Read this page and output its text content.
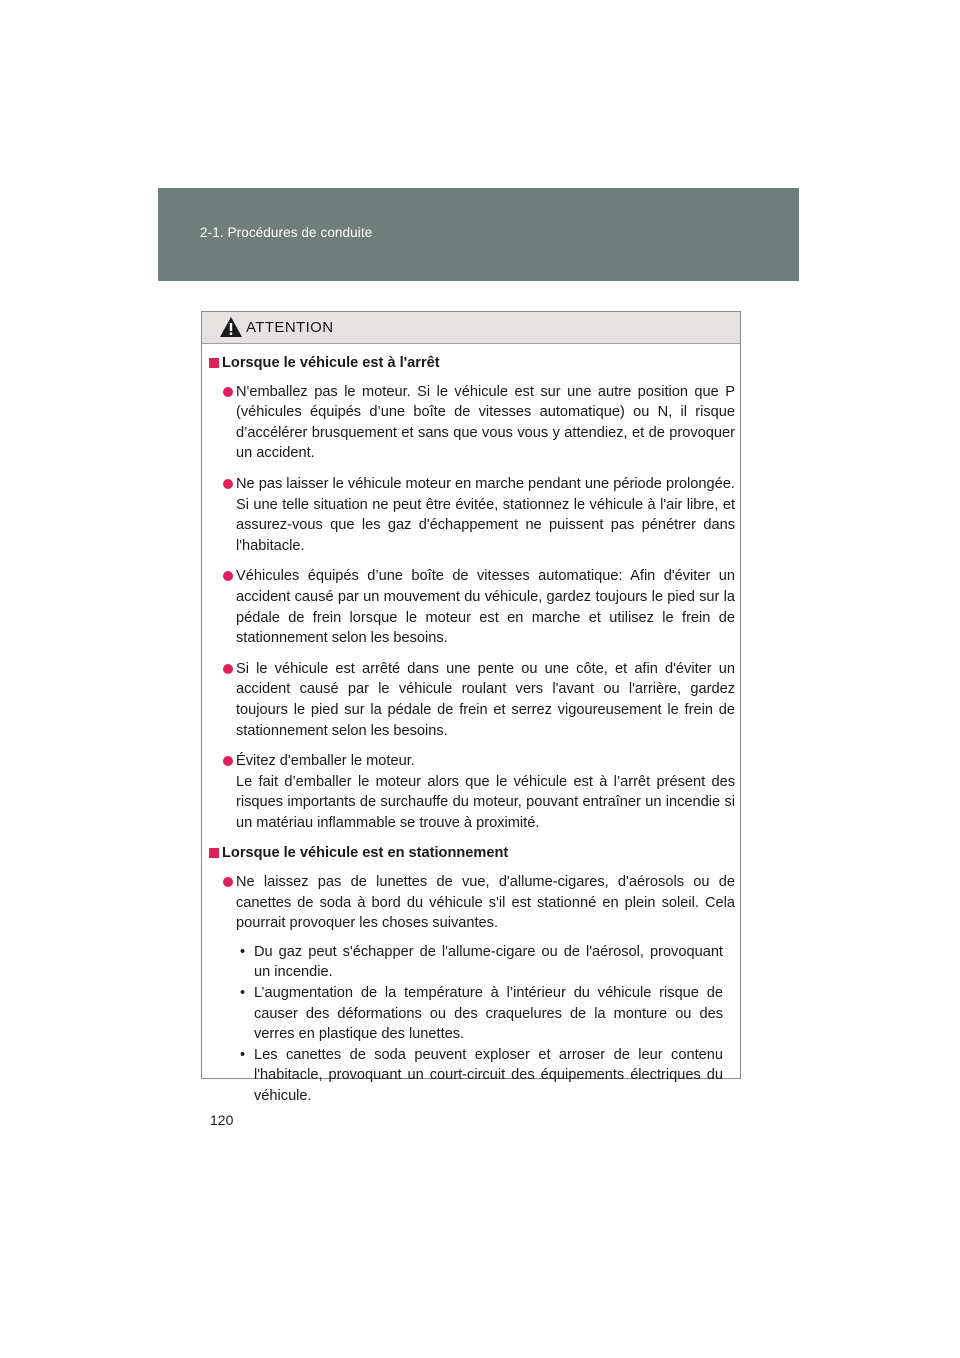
2-1. Procédures de conduite
ATTENTION
Lorsque le véhicule est à l'arrêt
N'emballez pas le moteur. Si le véhicule est sur une autre position que P (véhicules équipés d’une boîte de vitesses automatique) ou N, il risque d’accélérer brusquement et sans que vous vous y attendiez, et de provoquer un accident.
Ne pas laisser le véhicule moteur en marche pendant une période prolongée.
Si une telle situation ne peut être évitée, stationnez le véhicule à l'air libre, et assurez-vous que les gaz d'échappement ne puissent pas pénétrer dans l'habitacle.
Véhicules équipés d’une boîte de vitesses automatique: Afin d'éviter un accident causé par un mouvement du véhicule, gardez toujours le pied sur la pédale de frein lorsque le moteur est en marche et utilisez le frein de stationnement selon les besoins.
Si le véhicule est arrêté dans une pente ou une côte, et afin d'éviter un accident causé par le véhicule roulant vers l'avant ou l'arrière, gardez toujours le pied sur la pédale de frein et serrez vigoureusement le frein de stationnement selon les besoins.
Évitez d'emballer le moteur.
Le fait d’emballer le moteur alors que le véhicule est à l’arrêt présent des risques importants de surchauffe du moteur, pouvant entraîner un incendie si un matériau inflammable se trouve à proximité.
Lorsque le véhicule est en stationnement
Ne laissez pas de lunettes de vue, d'allume-cigares, d'aérosols ou de canettes de soda à bord du véhicule s'il est stationné en plein soleil. Cela pourrait provoquer les choses suivantes.
• Du gaz peut s'échapper de l'allume-cigare ou de l'aérosol, provoquant un incendie.
• L’augmentation de la température à l’intérieur du véhicule risque de causer des déformations ou des craquelures de la monture ou des verres en plastique des lunettes.
• Les canettes de soda peuvent exploser et arroser de leur contenu l'habitacle, provoquant un court-circuit des équipements électriques du véhicule.
120
